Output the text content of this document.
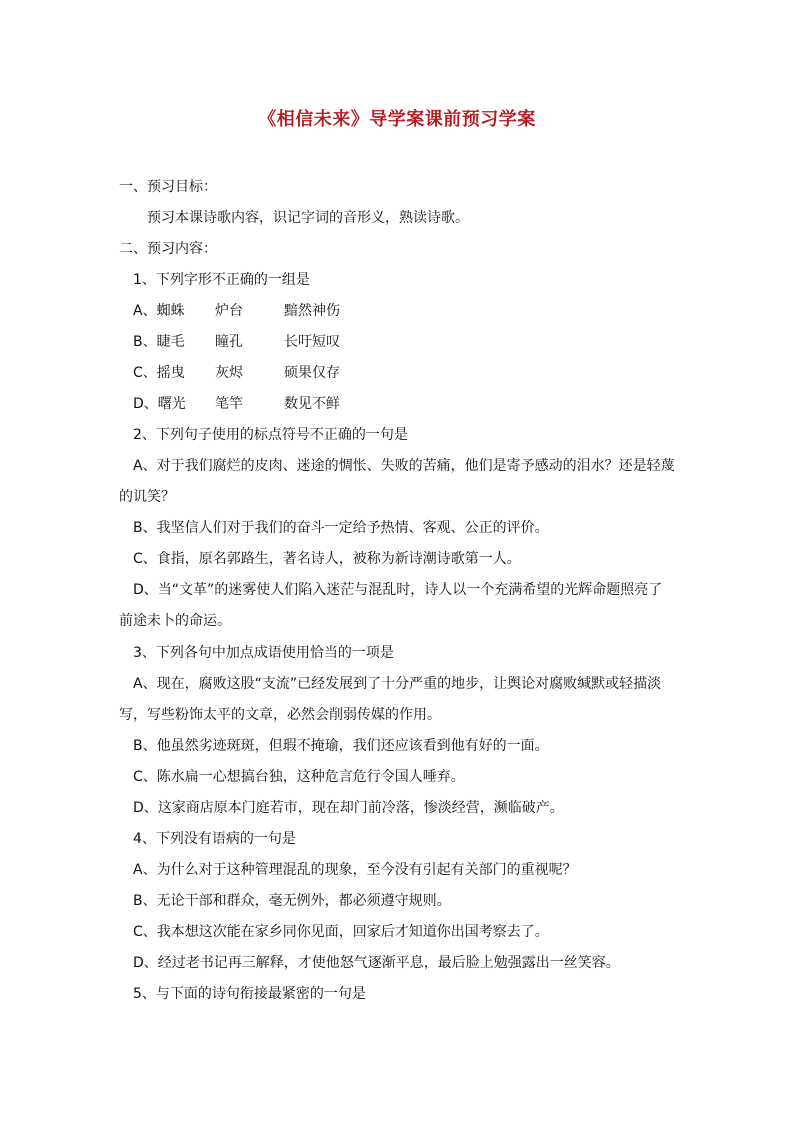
《相信未来》导学案课前预习学案
一、预习目标：
预习本课诗歌内容，识记字词的音形义，熟读诗歌。
二、预习内容：
1、下列字形不正确的一组是
A、蜘蛛 炉台	黯然神伤
B、睫毛 瞳孔	长吁短叹
C、摇曳 灰烬	硕果仅存
D、曙光 笔竿	数见不鲜
2、下列句子使用的标点符号不正确的一句是
A、对于我们腐烂的皮肉、迷途的惆怅、失败的苦痛，他们是寄予感动的泪水？还是轻蔑
的讥笑？
B、我坚信人们对于我们的奋斗一定给予热情、客观、公正的评价。
C、食指，原名郭路生，著名诗人，被称为新诗潮诗歌第一人。
D、当“文革”的迷雾使人们陷入迷茫与混乱时，诗人以一个充满希望的光辉命题照亮了
前途未卜的命运。
3、下列各句中加点成语使用恰当的一项是
A、现在，腐败这股“支流”已经发展到了十分严重的地步，让舆论对腐败缄默或轻描淡
写，写些粉饰太平的文章，必然会削弱传媒的作用。
B、他虽然劣迹斑斑，但瑕不掩瑜，我们还应该看到他有好的一面。
C、陈水扁一心想搞台独，这种危言危行令国人唾弃。
D、这家商店原本门庭若市，现在却门前冷落，惨淡经营，濒临破产。
4、下列没有语病的一句是
A、为什么对于这种管理混乱的现象，至今没有引起有关部门的重视呢？
B、无论干部和群众，毫无例外，都必须遵守规则。
C、我本想这次能在家乡同你见面，回家后才知道你出国考察去了。
D、经过老书记再三解释，才使他怒气逐渐平息，最后脸上勉强露出一丝笑容。
5、与下面的诗句衔接最紧密的一句是
